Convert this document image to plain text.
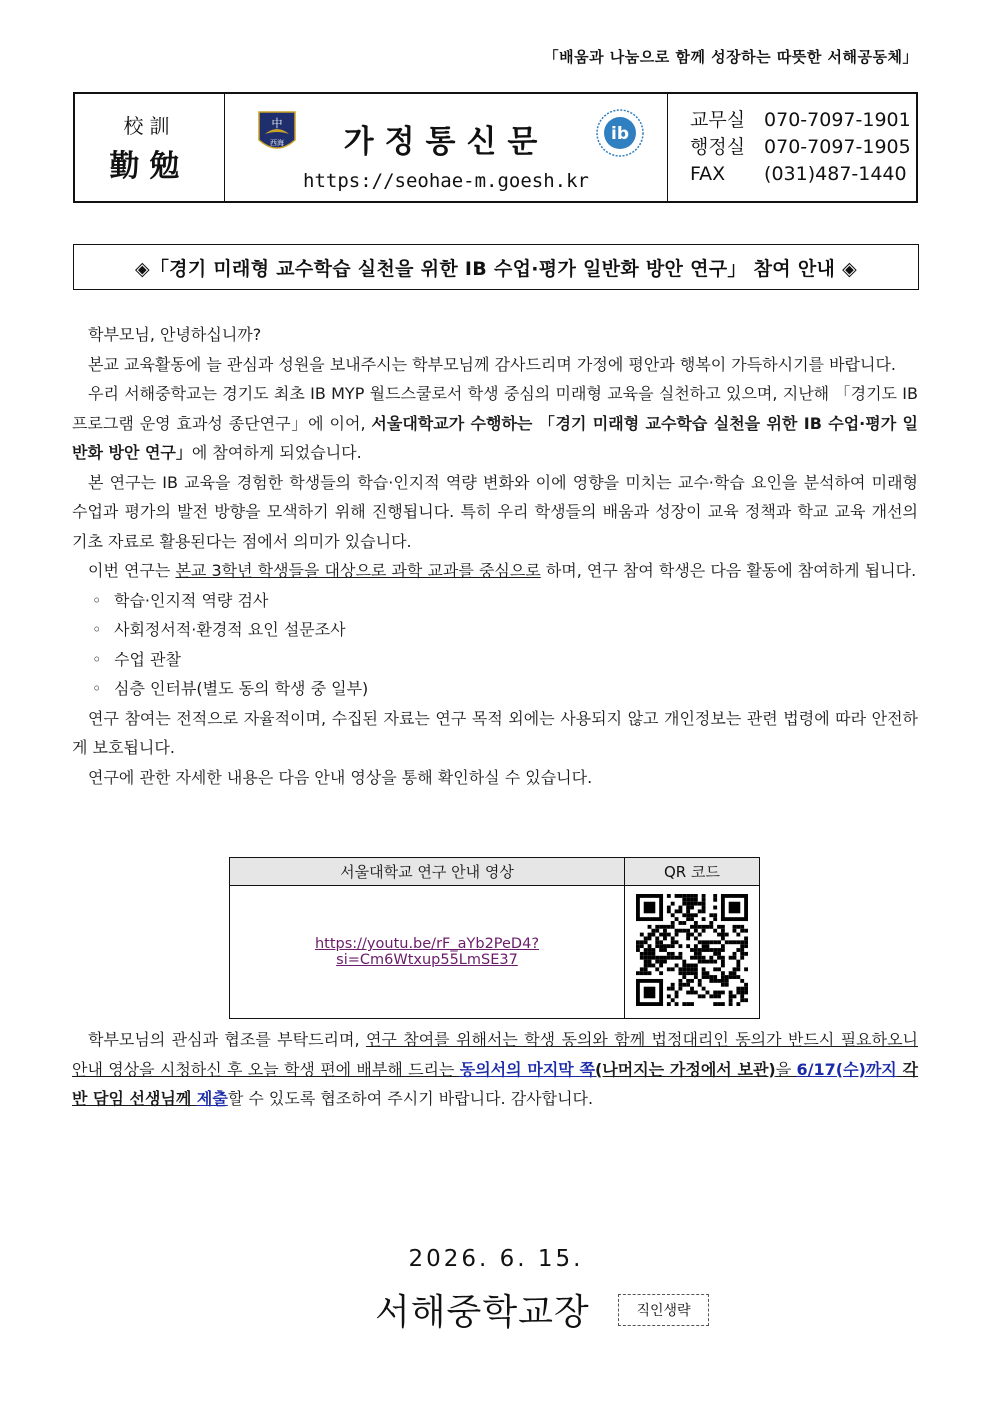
「배움과 나눔으로 함께 성장하는 따뜻한 서해공동체」
校訓
勤勉
中
西海	가정통신문	ib
https://seohae-m.goesh.kr
교무실 070-7097-1901
행정실 070-7097-1905
FAX (031)487-1440
◈「경기 미래형 교수학습 실천을 위한 IB 수업·평가 일반화 방안 연구」 참여 안내 ◈

학부모님, 안녕하십니까?

본교 교육활동에 늘 관심과 성원을 보내주시는 학부모님께 감사드리며 가정에 평안과 행복이 가득하시기를 바랍니다.

우리 서해중학교는 경기도 최초 IB MYP 월드스쿨로서 학생 중심의 미래형 교육을 실천하고 있으며, 지난해 「경기도 IB 프로그램 운영 효과성 종단연구」에 이어, 서울대학교가 수행하는 「경기 미래형 교수학습 실천을 위한 IB 수업·평가 일반화 방안 연구」에 참여하게 되었습니다.

본 연구는 IB 교육을 경험한 학생들의 학습·인지적 역량 변화와 이에 영향을 미치는 교수·학습 요인을 분석하여 미래형 수업과 평가의 발전 방향을 모색하기 위해 진행됩니다. 특히 우리 학생들의 배움과 성장이 교육 정책과 학교 교육 개선의 기초 자료로 활용된다는 점에서 의미가 있습니다.

이번 연구는 본교 3학년 학생들을 대상으로 과학 교과를 중심으로 하며, 연구 참여 학생은 다음 활동에 참여하게 됩니다.

◦ 학습·인지적 역량 검사

◦ 사회정서적·환경적 요인 설문조사

◦ 수업 관찰

◦ 심층 인터뷰(별도 동의 학생 중 일부)

연구 참여는 전적으로 자율적이며, 수집된 자료는 연구 목적 외에는 사용되지 않고 개인정보는 관련 법령에 따라 안전하게 보호됩니다.

연구에 관한 자세한 내용은 다음 안내 영상을 통해 확인하실 수 있습니다.

서울대학교 연구 안내 영상	QR 코드
https://youtu.be/rF_aYb2PeD4?si=Cm6Wtxup55LmSE37	

학부모님의 관심과 협조를 부탁드리며, 연구 참여를 위해서는 학생 동의와 함께 법정대리인 동의가 반드시 필요하오니 안내 영상을 시청하신 후 오늘 학생 편에 배부해 드리는 동의서의 마지막 쪽(나머지는 가정에서 보관)을 6/17(수)까지 각 반 담임 선생님께 제출할 수 있도록 협조하여 주시기 바랍니다. 감사합니다.

2026. 6. 15.
서해중학교장	직인생략
